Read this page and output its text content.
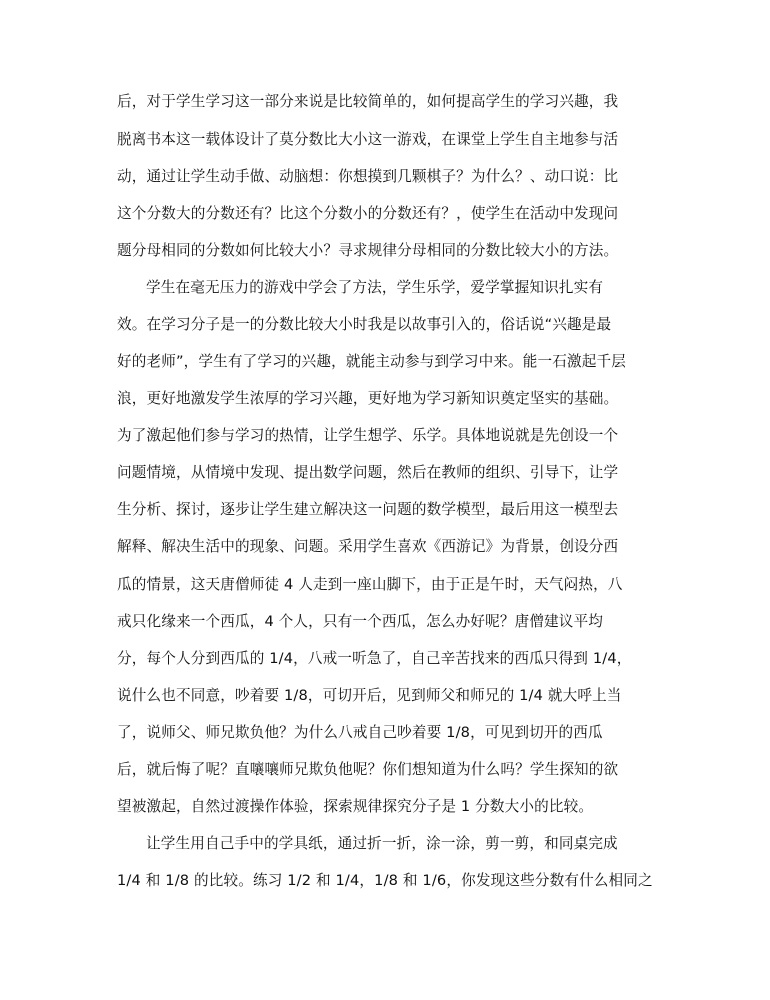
后，对于学生学习这一部分来说是比较简单的，如何提高学生的学习兴趣，我
脱离书本这一载体设计了莫分数比大小这一游戏，在课堂上学生自主地参与活
动，通过让学生动手做、动脑想：你想摸到几颗棋子？为什么？、动口说：比
这个分数大的分数还有？比这个分数小的分数还有？，使学生在活动中发现问
题分母相同的分数如何比较大小？寻求规律分母相同的分数比较大小的方法。
学生在毫无压力的游戏中学会了方法，学生乐学，爱学掌握知识扎实有
效。在学习分子是一的分数比较大小时我是以故事引入的，俗话说“兴趣是最
好的老师”，学生有了学习的兴趣，就能主动参与到学习中来。能一石激起千层
浪，更好地激发学生浓厚的学习兴趣，更好地为学习新知识奠定坚实的基础。
为了激起他们参与学习的热情，让学生想学、乐学。具体地说就是先创设一个
问题情境，从情境中发现、提出数学问题，然后在教师的组织、引导下，让学
生分析、探讨，逐步让学生建立解决这一问题的数学模型，最后用这一模型去
解释、解决生活中的现象、问题。采用学生喜欢《西游记》为背景，创设分西
瓜的情景，这天唐僧师徒 4 人走到一座山脚下，由于正是午时，天气闷热，八
戒只化缘来一个西瓜，4 个人，只有一个西瓜，怎么办好呢？唐僧建议平均
分，每个人分到西瓜的 1/4，八戒一听急了，自己辛苦找来的西瓜只得到 1/4，
说什么也不同意，吵着要 1/8，可切开后，见到师父和师兄的 1/4 就大呼上当
了，说师父、师兄欺负他？为什么八戒自己吵着要 1/8，可见到切开的西瓜
后，就后悔了呢？直嚷嚷师兄欺负他呢？你们想知道为什么吗？学生探知的欲
望被激起，自然过渡操作体验，探索规律探究分子是 1 分数大小的比较。
让学生用自己手中的学具纸，通过折一折，涂一涂，剪一剪，和同桌完成
1/4 和 1/8 的比较。练习 1/2 和 1/4，1/8 和 1/6，你发现这些分数有什么相同之
